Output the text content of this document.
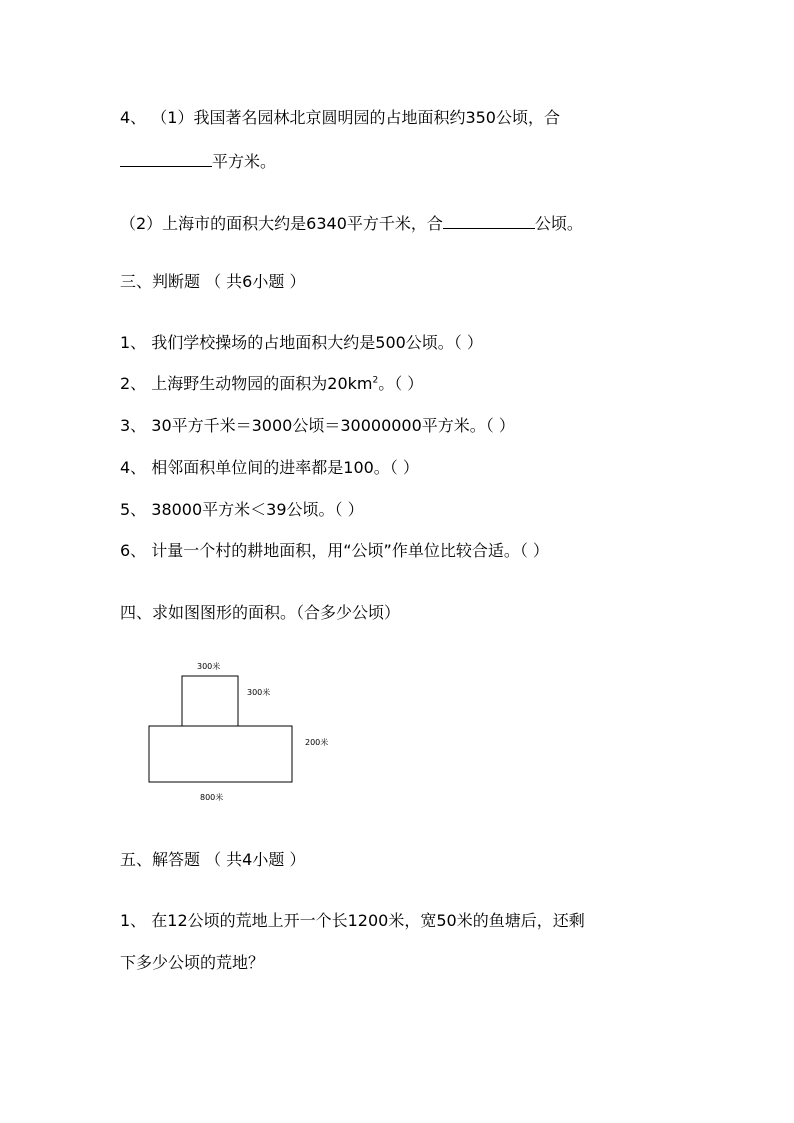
4、 （1）我国著名园林北京圆明园的占地面积约350公顷，合
平方米。
（2）上海市的面积大约是6340平方千米，合	公顷。
三、判断题 （ 共6小题 ）
1、 我们学校操场的占地面积大约是500公顷。（ ）
2、 上海野生动物园的面积为$20km^2$。（ ）
3、 30平方千米＝3000公顷＝30000000平方米。（ ）
4、 相邻面积单位间的进率都是100。（ ）
5、 38000平方米＜39公顷。（ ）
6、 计量一个村的耕地面积，用“公顷”作单位比较合适。（ ）
四、求如图图形的面积。（合多少公顷）
300米
300米
200米
800米
五、解答题 （ 共4小题 ）
1、 在12公顷的荒地上开一个长1200米，宽50米的鱼塘后，还剩
下多少公顷的荒地？
